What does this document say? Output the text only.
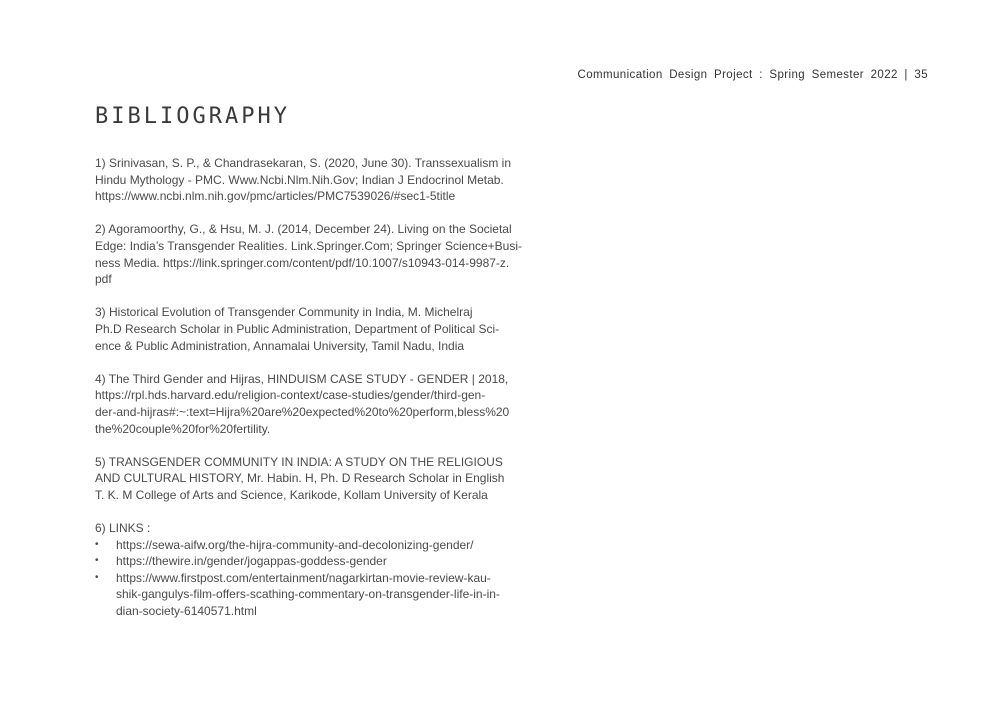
Communication Design Project : Spring Semester 2022 | 35
BIBLIOGRAPHY
1) Srinivasan, S. P., & Chandrasekaran, S. (2020, June 30). Transsexualism in
Hindu Mythology - PMC. Www.Ncbi.Nlm.Nih.Gov; Indian J Endocrinol Metab.
https://www.ncbi.nlm.nih.gov/pmc/articles/PMC7539026/#sec1-5title
2) Agoramoorthy, G., & Hsu, M. J. (2014, December 24). Living on the Societal
Edge: India’s Transgender Realities. Link.Springer.Com; Springer Science+Busi-
ness Media. https://link.springer.com/content/pdf/10.1007/s10943-014-9987-z.
pdf
3) Historical Evolution of Transgender Community in India, M. Michelraj
Ph.D Research Scholar in Public Administration, Department of Political Sci-
ence & Public Administration, Annamalai University, Tamil Nadu, India
4) The Third Gender and Hijras, HINDUISM CASE STUDY - GENDER | 2018,
https://rpl.hds.harvard.edu/religion-context/case-studies/gender/third-gen-
der-and-hijras#:~:text=Hijra%20are%20expected%20to%20perform,bless%20
the%20couple%20for%20fertility.
5) TRANSGENDER COMMUNITY IN INDIA: A STUDY ON THE RELIGIOUS
AND CULTURAL HISTORY, Mr. Habin. H, Ph. D Research Scholar in English
T. K. M College of Arts and Science, Karikode, Kollam University of Kerala
6) LINKS :
• https://sewa-aifw.org/the-hijra-community-and-decolonizing-gender/
• https://thewire.in/gender/jogappas-goddess-gender
• https://www.firstpost.com/entertainment/nagarkirtan-movie-review-kau-
shik-gangulys-film-offers-scathing-commentary-on-transgender-life-in-in-
dian-society-6140571.html
